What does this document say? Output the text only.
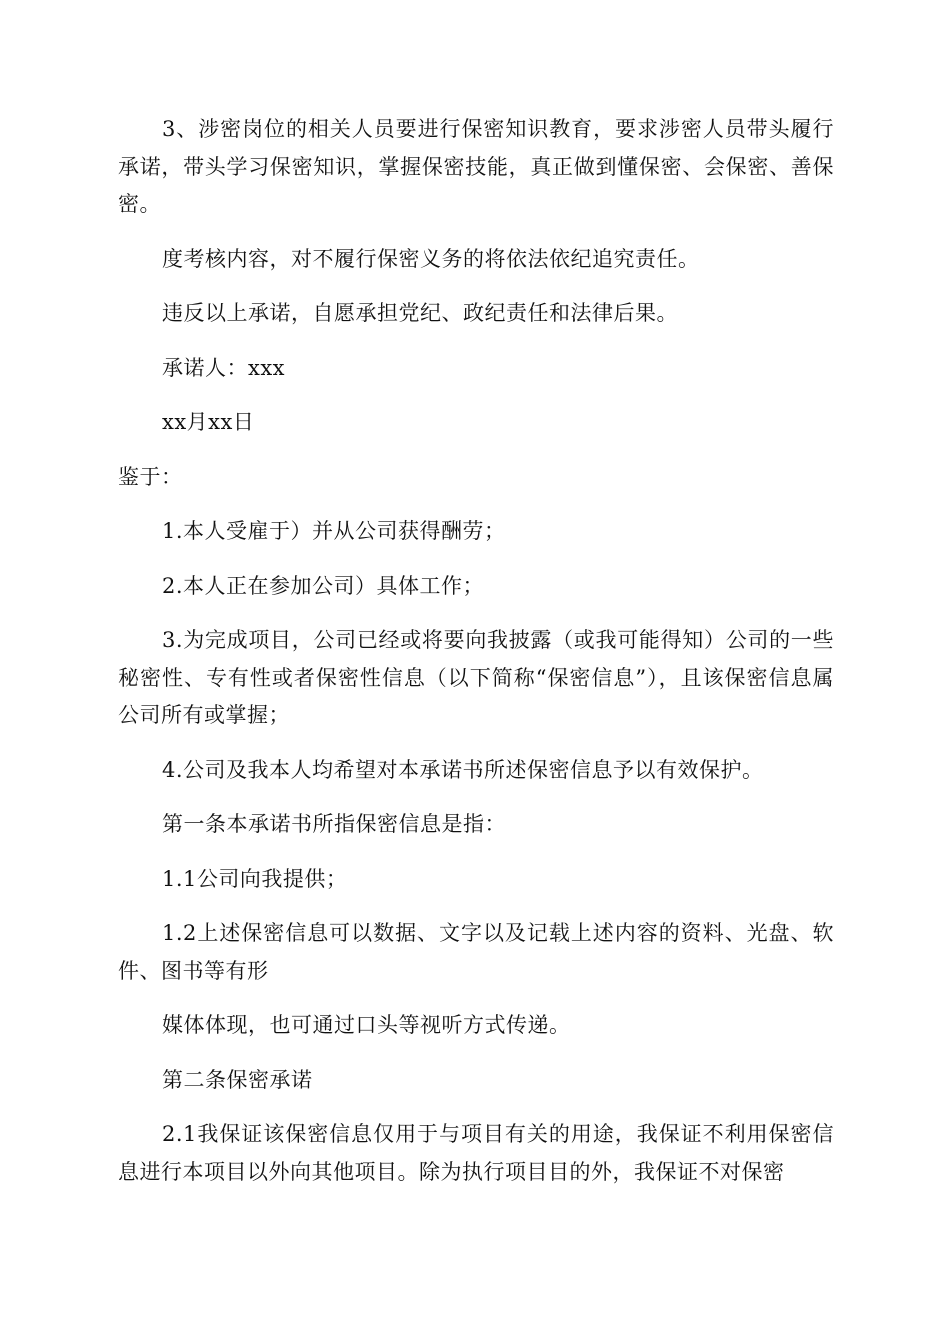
3、涉密岗位的相关人员要进行保密知识教育，要求涉密人员带头履行承诺，带头学习保密知识，掌握保密技能，真正做到懂保密、会保密、善保密。

度考核内容，对不履行保密义务的将依法依纪追究责任。

违反以上承诺，自愿承担党纪、政纪责任和法律后果。

承诺人：xxx

xx月xx日

鉴于：

1.本人受雇于）并从公司获得酬劳；

2.本人正在参加公司）具体工作；

3.为完成项目，公司已经或将要向我披露（或我可能得知）公司的一些秘密性、专有性或者保密性信息（以下简称“保密信息”），且该保密信息属公司所有或掌握；

4.公司及我本人均希望对本承诺书所述保密信息予以有效保护。

第一条本承诺书所指保密信息是指：

1.1公司向我提供；

1.2上述保密信息可以数据、文字以及记载上述内容的资料、光盘、软件、图书等有形

媒体体现，也可通过口头等视听方式传递。

第二条保密承诺

2.1我保证该保密信息仅用于与项目有关的用途，我保证不利用保密信息进行本项目以外向其他项目。除为执行项目目的外，我保证不对保密
